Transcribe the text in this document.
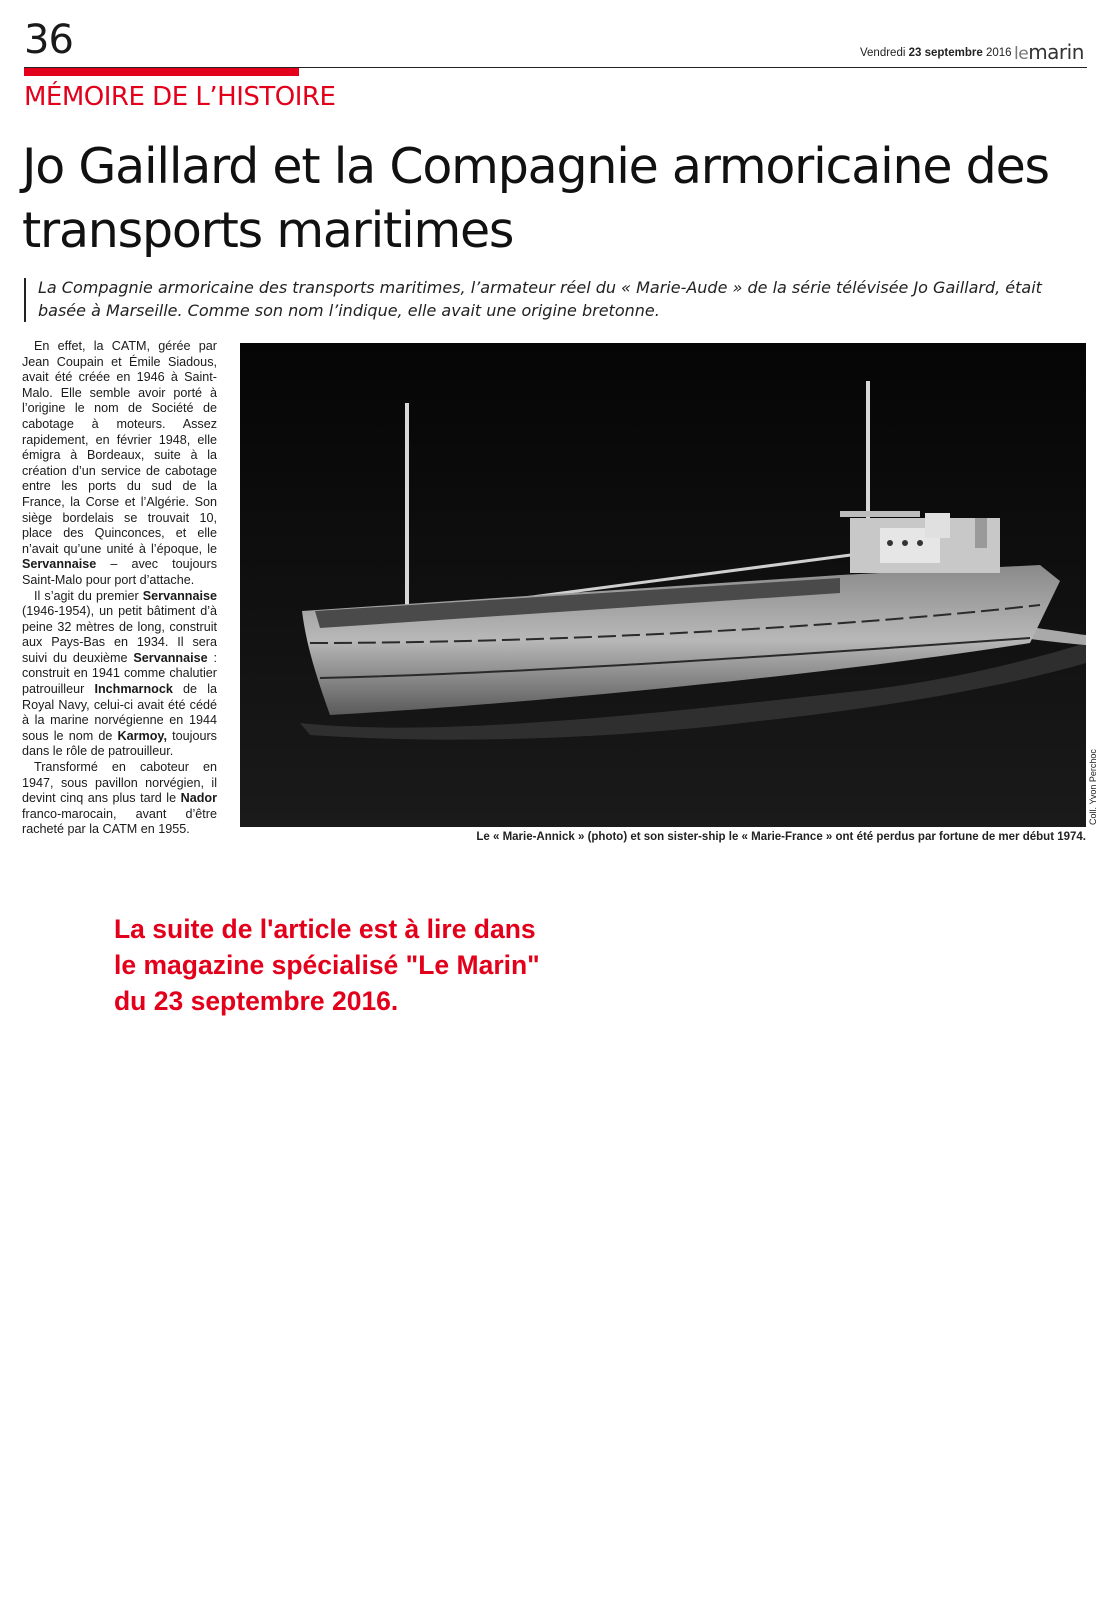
36	Vendredi 23 septembre 2016 lemarin
MÉMOIRE DE L’HISTOIRE
Jo Gaillard et la Compagnie armoricaine des transports maritimes
La Compagnie armoricaine des transports maritimes, l’armateur réel du « Marie-Aude » de la série télévisée Jo Gaillard, était basée à Marseille. Comme son nom l’indique, elle avait une origine bretonne.

En effet, la CATM, gérée par Jean Coupain et Émile Siadous, avait été créée en 1946 à Saint-Malo. Elle semble avoir porté à l’origine le nom de Société de cabotage à moteurs. Assez rapidement, en février 1948, elle émigra à Bordeaux, suite à la création d’un service de cabotage entre les ports du sud de la France, la Corse et l’Algérie. Son siège bordelais se trouvait 10, place des Quinconces, et elle n’avait qu’une unité à l’époque, le Servannaise – avec toujours Saint-Malo pour port d’attache.

Il s’agit du premier Servannaise (1946-1954), un petit bâtiment d’à peine 32 mètres de long, construit aux Pays-Bas en 1934. Il sera suivi du deuxième Servannaise : construit en 1941 comme chalutier patrouilleur Inchmarnock de la Royal Navy, celui-ci avait été cédé à la marine norvégienne en 1944 sous le nom de Karmoy, toujours dans le rôle de patrouilleur.

Transformé en caboteur en 1947, sous pavillon norvégien, il devint cinq ans plus tard le Nador franco-marocain, avant d’être racheté par la CATM en 1955.

Coll. Yvon Perchoc
Le « Marie-Annick » (photo) et son sister-ship le « Marie-France » ont été perdus par fortune de mer début 1974.
La suite de l'article est à lire dans
le magazine spécialisé "Le Marin"
du 23 septembre 2016.
